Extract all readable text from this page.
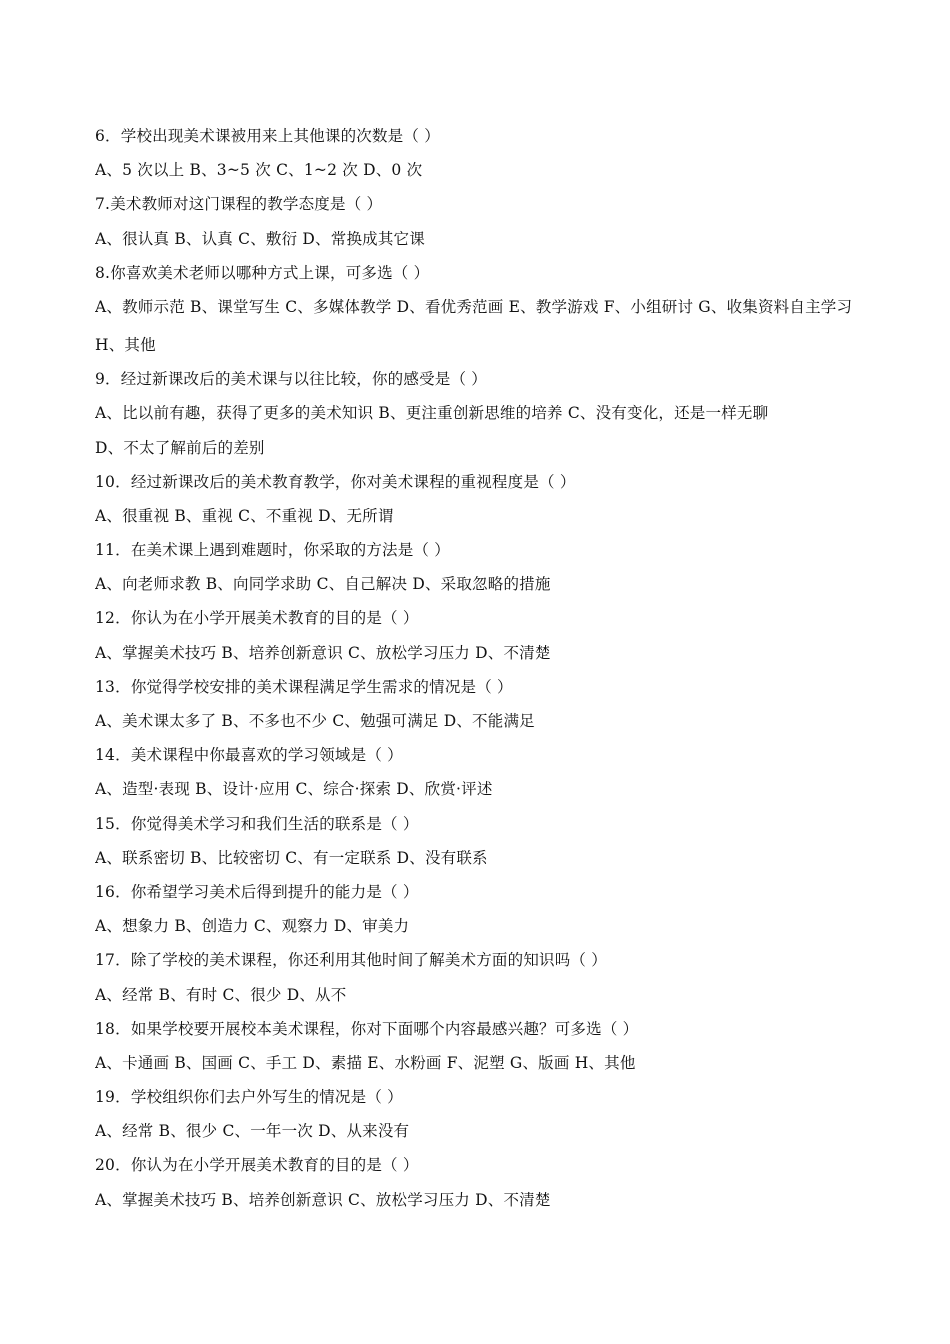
6．学校出现美术课被用来上其他课的次数是（ ）
A、5 次以上 B、3~5 次 C、1~2 次 D、0 次
7.美术教师对这门课程的教学态度是（ ）
A、很认真 B、认真 C、敷衍 D、常换成其它课
8.你喜欢美术老师以哪种方式上课，可多选（ ）
A、教师示范 B、课堂写生 C、多媒体教学 D、看优秀范画 E、教学游戏 F、小组研讨 G、收集资料自主学习
H、其他
9．经过新课改后的美术课与以往比较，你的感受是（ ）
A、比以前有趣，获得了更多的美术知识 B、更注重创新思维的培养 C、没有变化，还是一样无聊
D、不太了解前后的差别
10．经过新课改后的美术教育教学，你对美术课程的重视程度是（ ）
A、很重视 B、重视 C、不重视 D、无所谓
11．在美术课上遇到难题时，你采取的方法是（ ）
A、向老师求教 B、向同学求助 C、自己解决 D、采取忽略的措施
12．你认为在小学开展美术教育的目的是（ ）
A、掌握美术技巧 B、培养创新意识 C、放松学习压力 D、不清楚
13．你觉得学校安排的美术课程满足学生需求的情况是（ ）
A、美术课太多了 B、不多也不少 C、勉强可满足 D、不能满足
14．美术课程中你最喜欢的学习领域是（ ）
A、造型·表现 B、设计·应用 C、综合·探索 D、欣赏·评述
15．你觉得美术学习和我们生活的联系是（ ）
A、联系密切 B、比较密切 C、有一定联系 D、没有联系
16．你希望学习美术后得到提升的能力是（ ）
A、想象力 B、创造力 C、观察力 D、审美力
17．除了学校的美术课程，你还利用其他时间了解美术方面的知识吗（ ）
A、经常 B、有时 C、很少 D、从不
18．如果学校要开展校本美术课程，你对下面哪个内容最感兴趣？可多选（ ）
A、卡通画 B、国画 C、手工 D、素描 E、水粉画 F、泥塑 G、版画 H、其他
19．学校组织你们去户外写生的情况是（ ）
A、经常 B、很少 C、一年一次 D、从来没有
20．你认为在小学开展美术教育的目的是（ ）
A、掌握美术技巧 B、培养创新意识 C、放松学习压力 D、不清楚
